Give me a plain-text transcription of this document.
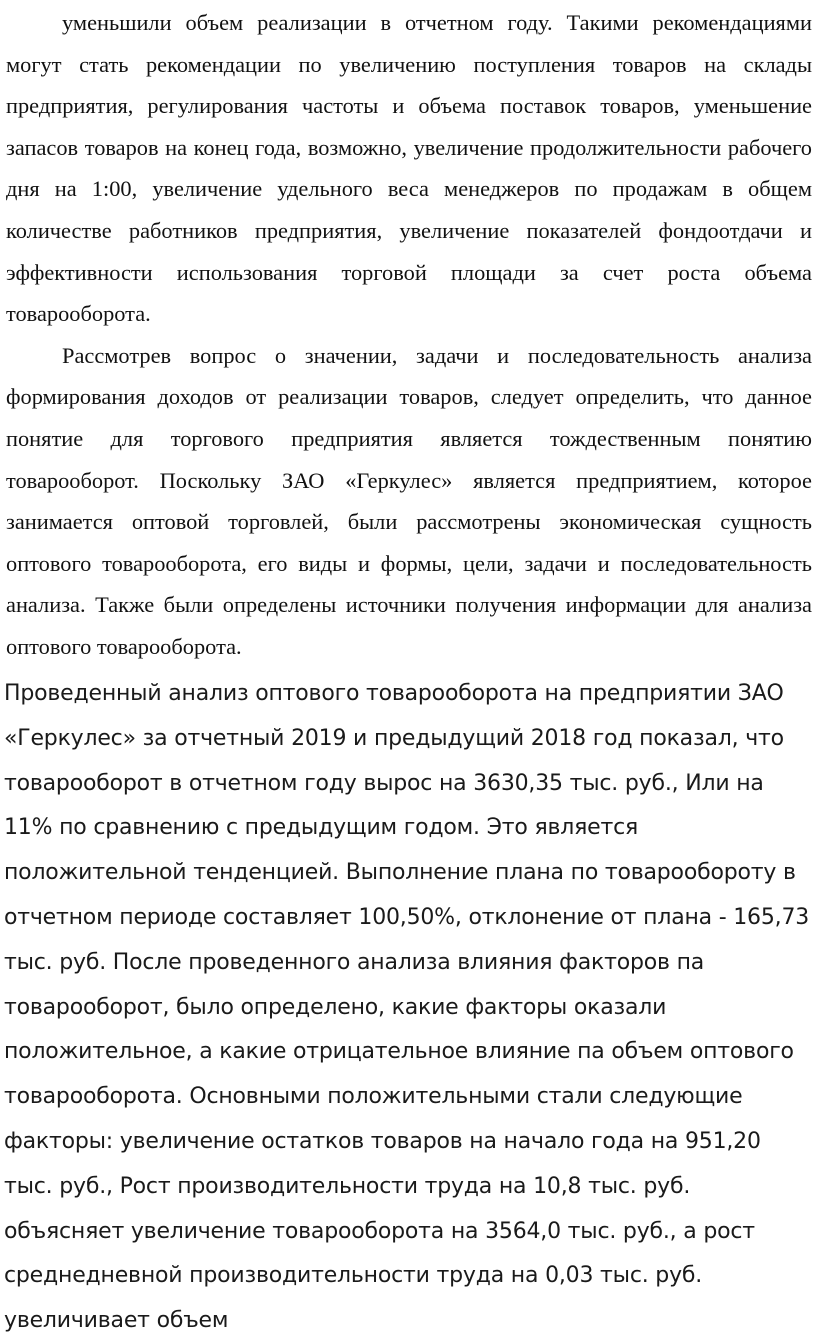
уменьшили объем реализации в отчетном году. Такими рекомендациями могут стать рекомендации по увеличению поступления товаров на склады предприятия, регулирования частоты и объема поставок товаров, уменьшение запасов товаров на конец года, возможно, увеличение продолжительности рабочего дня на 1:00, увеличение удельного веса менеджеров по продажам в общем количестве работников предприятия, увеличение показателей фондоотдачи и эффективности использования торговой площади за счет роста объема товарооборота.

Рассмотрев вопрос о значении, задачи и последовательность анализа формирования доходов от реализации товаров, следует определить, что данное понятие для торгового предприятия является тождественным понятию товарооборот. Поскольку ЗАО «Геркулес» является предприятием, которое занимается оптовой торговлей, были рассмотрены экономическая сущность оптового товарооборота, его виды и формы, цели, задачи и последовательность анализа. Также были определены источники получения информации для анализа оптового товарооборота.

Проведенный анализ оптового товарооборота на предприятии ЗАО «Геркулес» за отчетный 2019 и предыдущий 2018 год показал, что товарооборот в отчетном году вырос на 3630,35 тыс. руб., Или на 11% по сравнению с предыдущим годом. Это является положительной тенденцией. Выполнение плана по товарообороту в отчетном периоде составляет 100,50%, отклонение от плана - 165,73 тыс. руб. После проведенного анализа влияния факторов па товарооборот, было определено, какие факторы оказали положительное, а какие отрицательное влияние па объем оптового товарооборота. Основными положительными стали следующие факторы: увеличение остатков товаров на начало года на 951,20 тыс. руб., Рост производительности труда на 10,8 тыс. руб. объясняет увеличение товарооборота на 3564,0 тыс. руб., а рост среднедневной производительности труда на 0,03 тыс. руб. увеличивает объем
